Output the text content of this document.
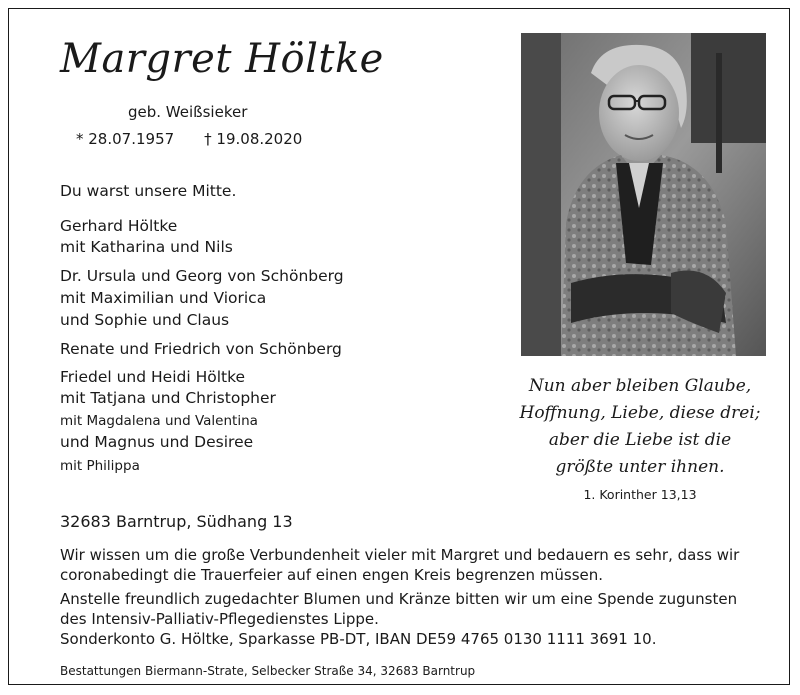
Margret Höltke
geb. Weißsieker
* 28.07.1957 † 19.08.2020
Du warst unsere Mitte.
Gerhard Höltke
mit Katharina und Nils
Dr. Ursula und Georg von Schönberg
mit Maximilian und Viorica
und Sophie und Claus
Renate und Friedrich von Schönberg
Friedel und Heidi Höltke
mit Tatjana und Christopher
mit Magdalena und Valentina
und Magnus und Desiree
mit Philippa
Nun aber bleiben Glaube,
Hoffnung, Liebe, diese drei;
aber die Liebe ist die
größte unter ihnen.
1. Korinther 13,13
32683 Barntrup, Südhang 13
Wir wissen um die große Verbundenheit vieler mit Margret und bedauern es sehr, dass wir
coronabedingt die Trauerfeier auf einen engen Kreis begrenzen müssen.
Anstelle freundlich zugedachter Blumen und Kränze bitten wir um eine Spende zugunsten
des Intensiv-Palliativ-Pflegedienstes Lippe.
Sonderkonto G. Höltke, Sparkasse PB-DT, IBAN DE59 4765 0130 1111 3691 10.
Bestattungen Biermann-Strate, Selbecker Straße 34, 32683 Barntrup
